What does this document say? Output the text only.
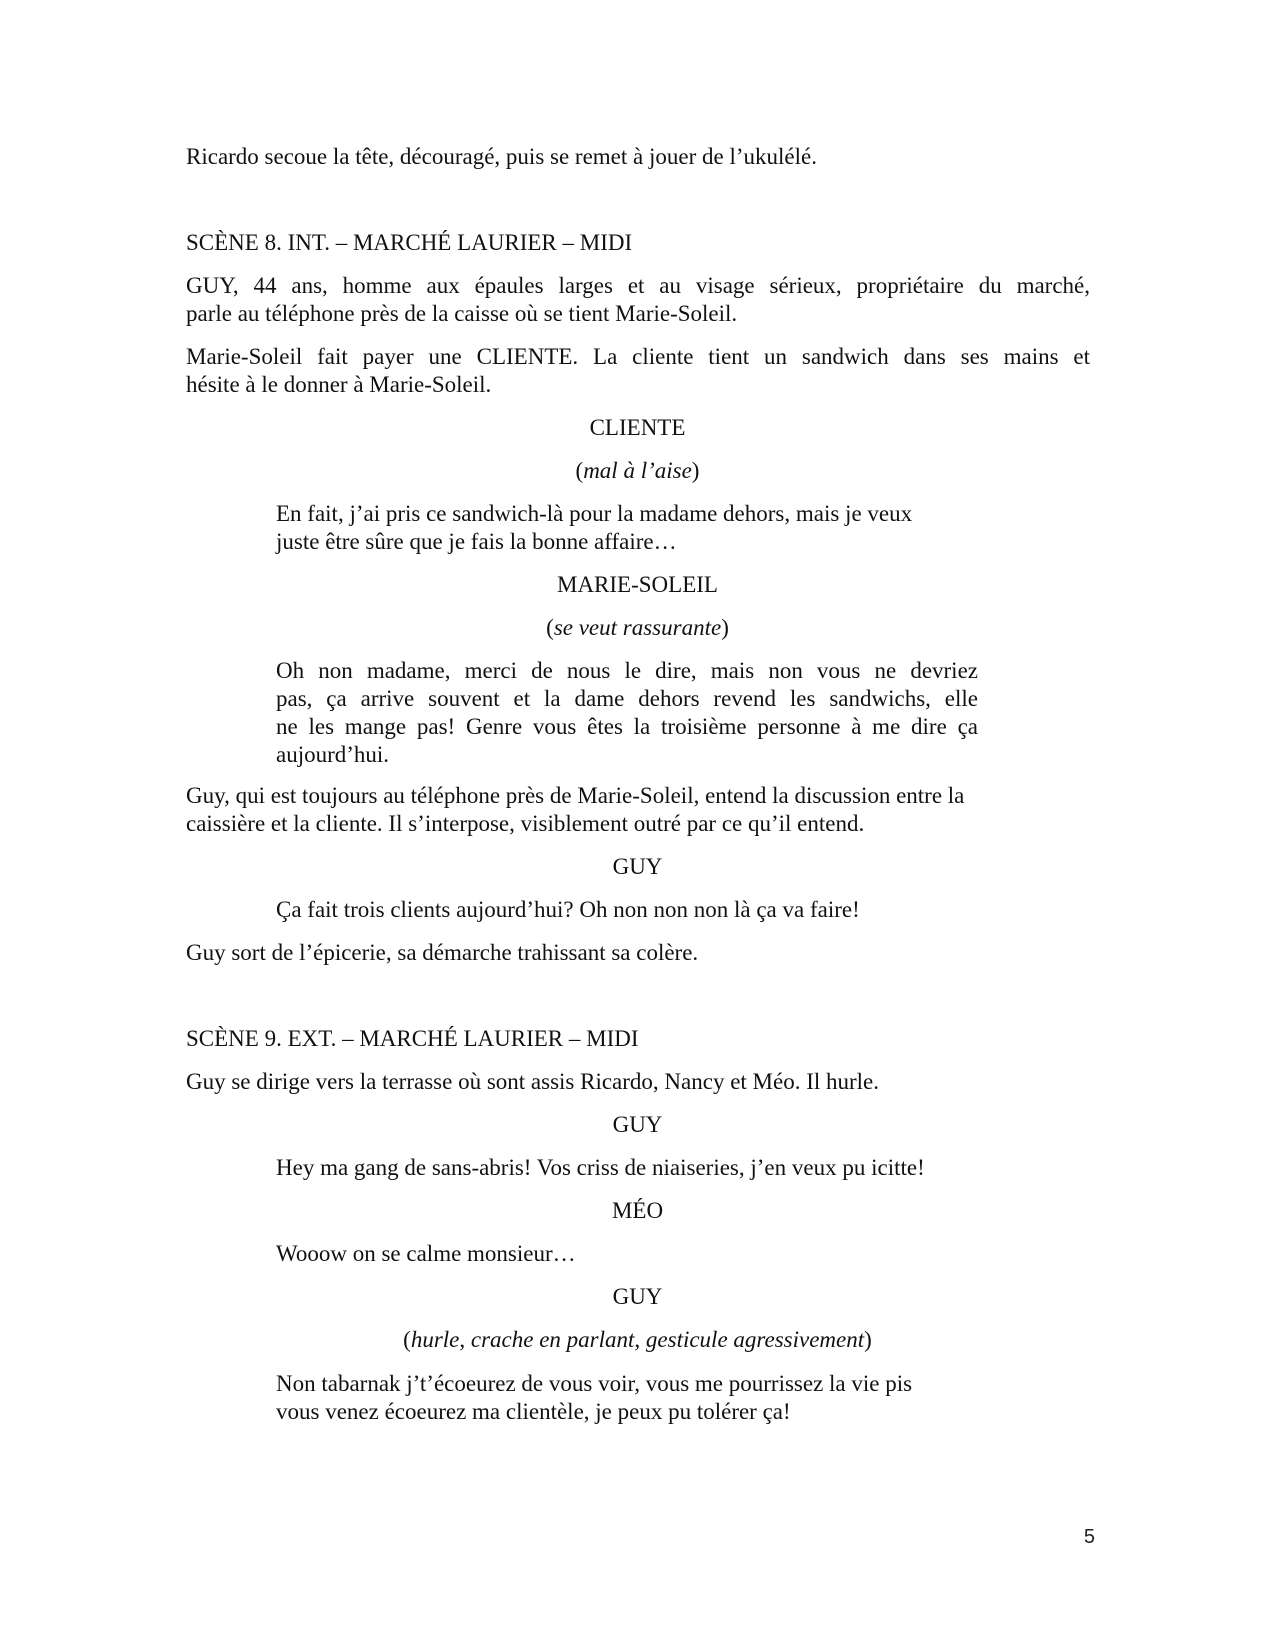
Ricardo secoue la tête, découragé, puis se remet à jouer de l’ukulélé.

SCÈNE 8. INT. – MARCHÉ LAURIER – MIDI

GUY, 44 ans, homme aux épaules larges et au visage sérieux, propriétaire du marché,
parle au téléphone près de la caisse où se tient Marie-Soleil.

Marie-Soleil fait payer une CLIENTE. La cliente tient un sandwich dans ses mains et
hésite à le donner à Marie-Soleil.

CLIENTE

(mal à l’aise)

En fait, j’ai pris ce sandwich-là pour la madame dehors, mais je veux
juste être sûre que je fais la bonne affaire…

MARIE-SOLEIL

(se veut rassurante)

Oh non madame, merci de nous le dire, mais non vous ne devriez
pas, ça arrive souvent et la dame dehors revend les sandwichs, elle
ne les mange pas! Genre vous êtes la troisième personne à me dire ça
aujourd’hui.

Guy, qui est toujours au téléphone près de Marie-Soleil, entend la discussion entre la
caissière et la cliente. Il s’interpose, visiblement outré par ce qu’il entend.

GUY

Ça fait trois clients aujourd’hui? Oh non non non là ça va faire!

Guy sort de l’épicerie, sa démarche trahissant sa colère.

SCÈNE 9. EXT. – MARCHÉ LAURIER – MIDI

Guy se dirige vers la terrasse où sont assis Ricardo, Nancy et Méo. Il hurle.

GUY

Hey ma gang de sans-abris! Vos criss de niaiseries, j’en veux pu icitte!

MÉO

Wooow on se calme monsieur…

GUY

(hurle, crache en parlant, gesticule agressivement)

Non tabarnak j’t’écoeurez de vous voir, vous me pourrissez la vie pis
vous venez écoeurez ma clientèle, je peux pu tolérer ça!

5
